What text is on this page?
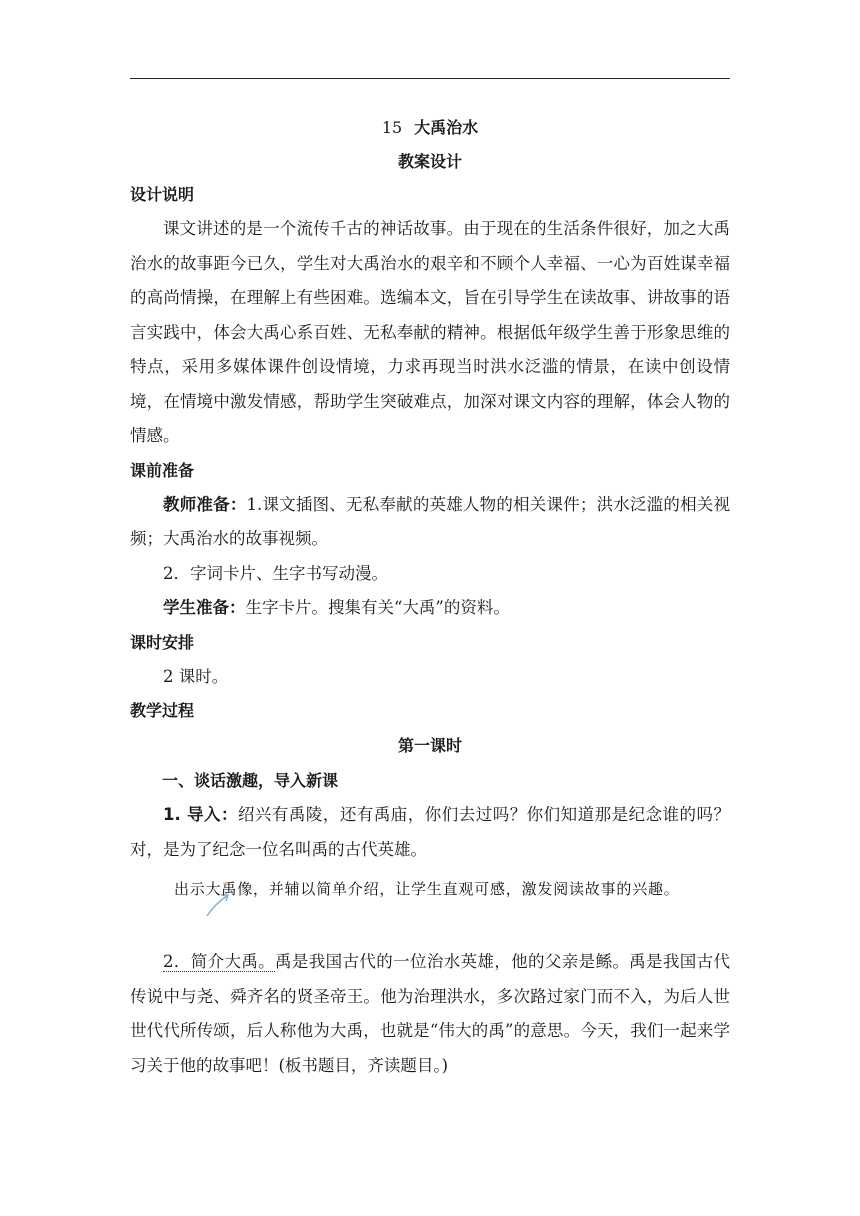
15 大禹治水
教案设计
设计说明

课文讲述的是一个流传千古的神话故事。由于现在的生活条件很好，加之大禹治水的故事距今已久，学生对大禹治水的艰辛和不顾个人幸福、一心为百姓谋幸福的高尚情操，在理解上有些困难。选编本文，旨在引导学生在读故事、讲故事的语言实践中，体会大禹心系百姓、无私奉献的精神。根据低年级学生善于形象思维的特点，采用多媒体课件创设情境，力求再现当时洪水泛滥的情景，在读中创设情境，在情境中激发情感，帮助学生突破难点，加深对课文内容的理解，体会人物的情感。

课前准备

教师准备：1.课文插图、无私奉献的英雄人物的相关课件；洪水泛滥的相关视频；大禹治水的故事视频。

2．字词卡片、生字书写动漫。

学生准备：生字卡片。搜集有关“大禹”的资料。

课时安排

2 课时。

教学过程
第一课时
一、谈话激趣，导入新课

1. 导入：绍兴有禹陵，还有禹庙，你们去过吗？你们知道那是纪念谁的吗？对，是为了纪念一位名叫禹的古代英雄。

出示大禹像，并辅以简单介绍，让学生直观可感，激发阅读故事的兴趣。

2．简介大禹。禹是我国古代的一位治水英雄，他的父亲是鲧。禹是我国古代传说中与尧、舜齐名的贤圣帝王。他为治理洪水，多次路过家门而不入，为后人世世代代所传颂，后人称他为大禹，也就是“伟大的禹”的意思。今天，我们一起来学习关于他的故事吧！(板书题目，齐读题目。)
